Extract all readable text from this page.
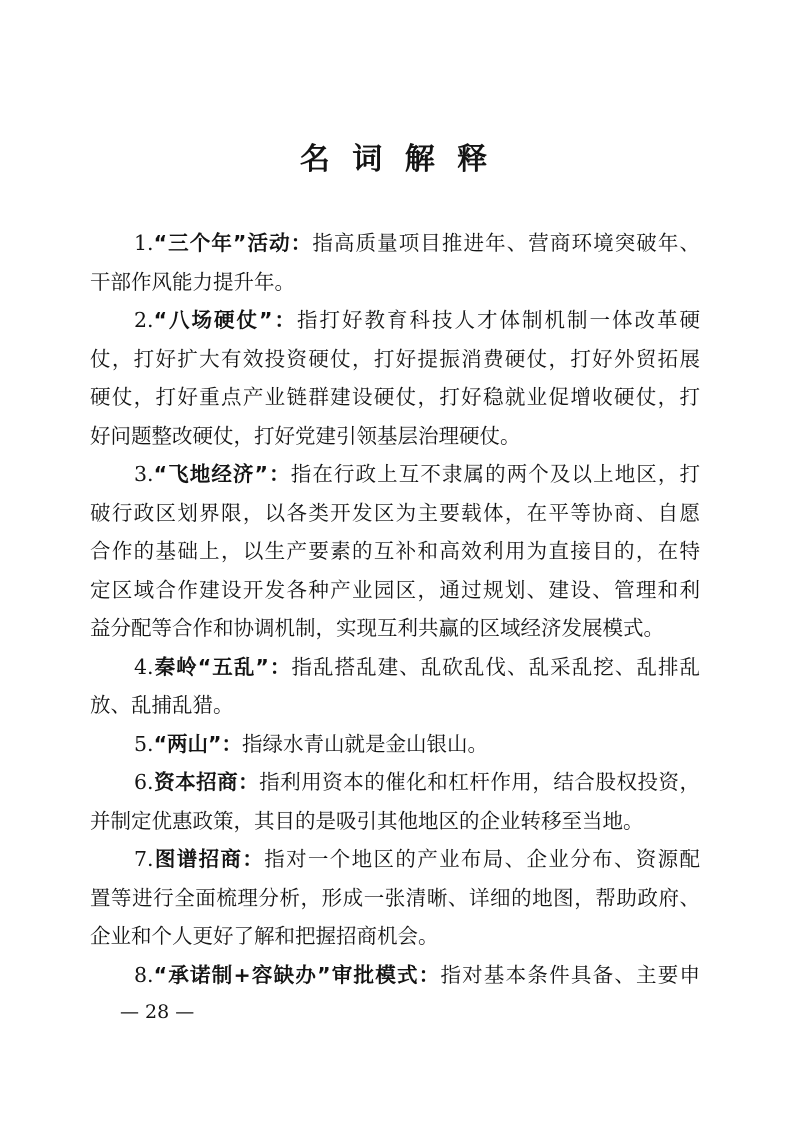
名 词 解 释
1.“三个年”活动：指高质量项目推进年、营商环境突破年、
干部作风能力提升年。
2.“八场硬仗”：指打好教育科技人才体制机制一体改革硬
仗，打好扩大有效投资硬仗，打好提振消费硬仗，打好外贸拓展
硬仗，打好重点产业链群建设硬仗，打好稳就业促增收硬仗，打
好问题整改硬仗，打好党建引领基层治理硬仗。
3.“飞地经济”：指在行政上互不隶属的两个及以上地区，打
破行政区划界限，以各类开发区为主要载体，在平等协商、自愿
合作的基础上，以生产要素的互补和高效利用为直接目的，在特
定区域合作建设开发各种产业园区，通过规划、建设、管理和利
益分配等合作和协调机制，实现互利共赢的区域经济发展模式。
4.秦岭“五乱”：指乱搭乱建、乱砍乱伐、乱采乱挖、乱排乱
放、乱捕乱猎。
5.“两山”：指绿水青山就是金山银山。
6.资本招商：指利用资本的催化和杠杆作用，结合股权投资，
并制定优惠政策，其目的是吸引其他地区的企业转移至当地。
7.图谱招商：指对一个地区的产业布局、企业分布、资源配
置等进行全面梳理分析，形成一张清晰、详细的地图，帮助政府、
企业和个人更好了解和把握招商机会。
8.“承诺制+容缺办”审批模式：指对基本条件具备、主要申
— 28 —
